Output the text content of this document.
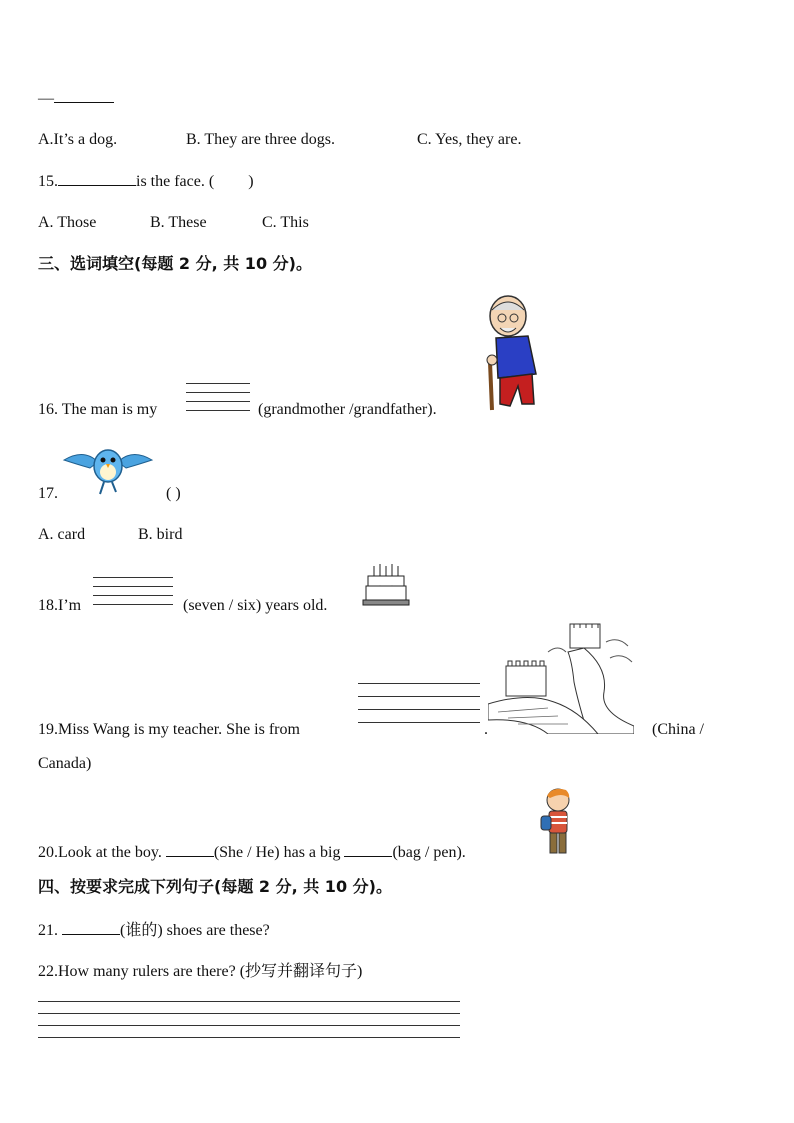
—
A.It’s a dog.	B. They are three dogs.	C. Yes, they are.
15.	is the face. ( )
A. Those	B. These	C. This
三、选词填空(每题 2 分, 共 10 分)。
16. The man is my	(grandmother /grandfather).
17.	( )
A. card	B. bird
18.I’m	(seven / six) years old.
19.Miss Wang is my teacher. She is from	.	(China /
Canada)
20.Look at the boy.	(She / He) has a big	(bag / pen).
四、按要求完成下列句子(每题 2 分, 共 10 分)。
21.	(谁的) shoes are these?
22.How many rulers are there? (抄写并翻译句子)
